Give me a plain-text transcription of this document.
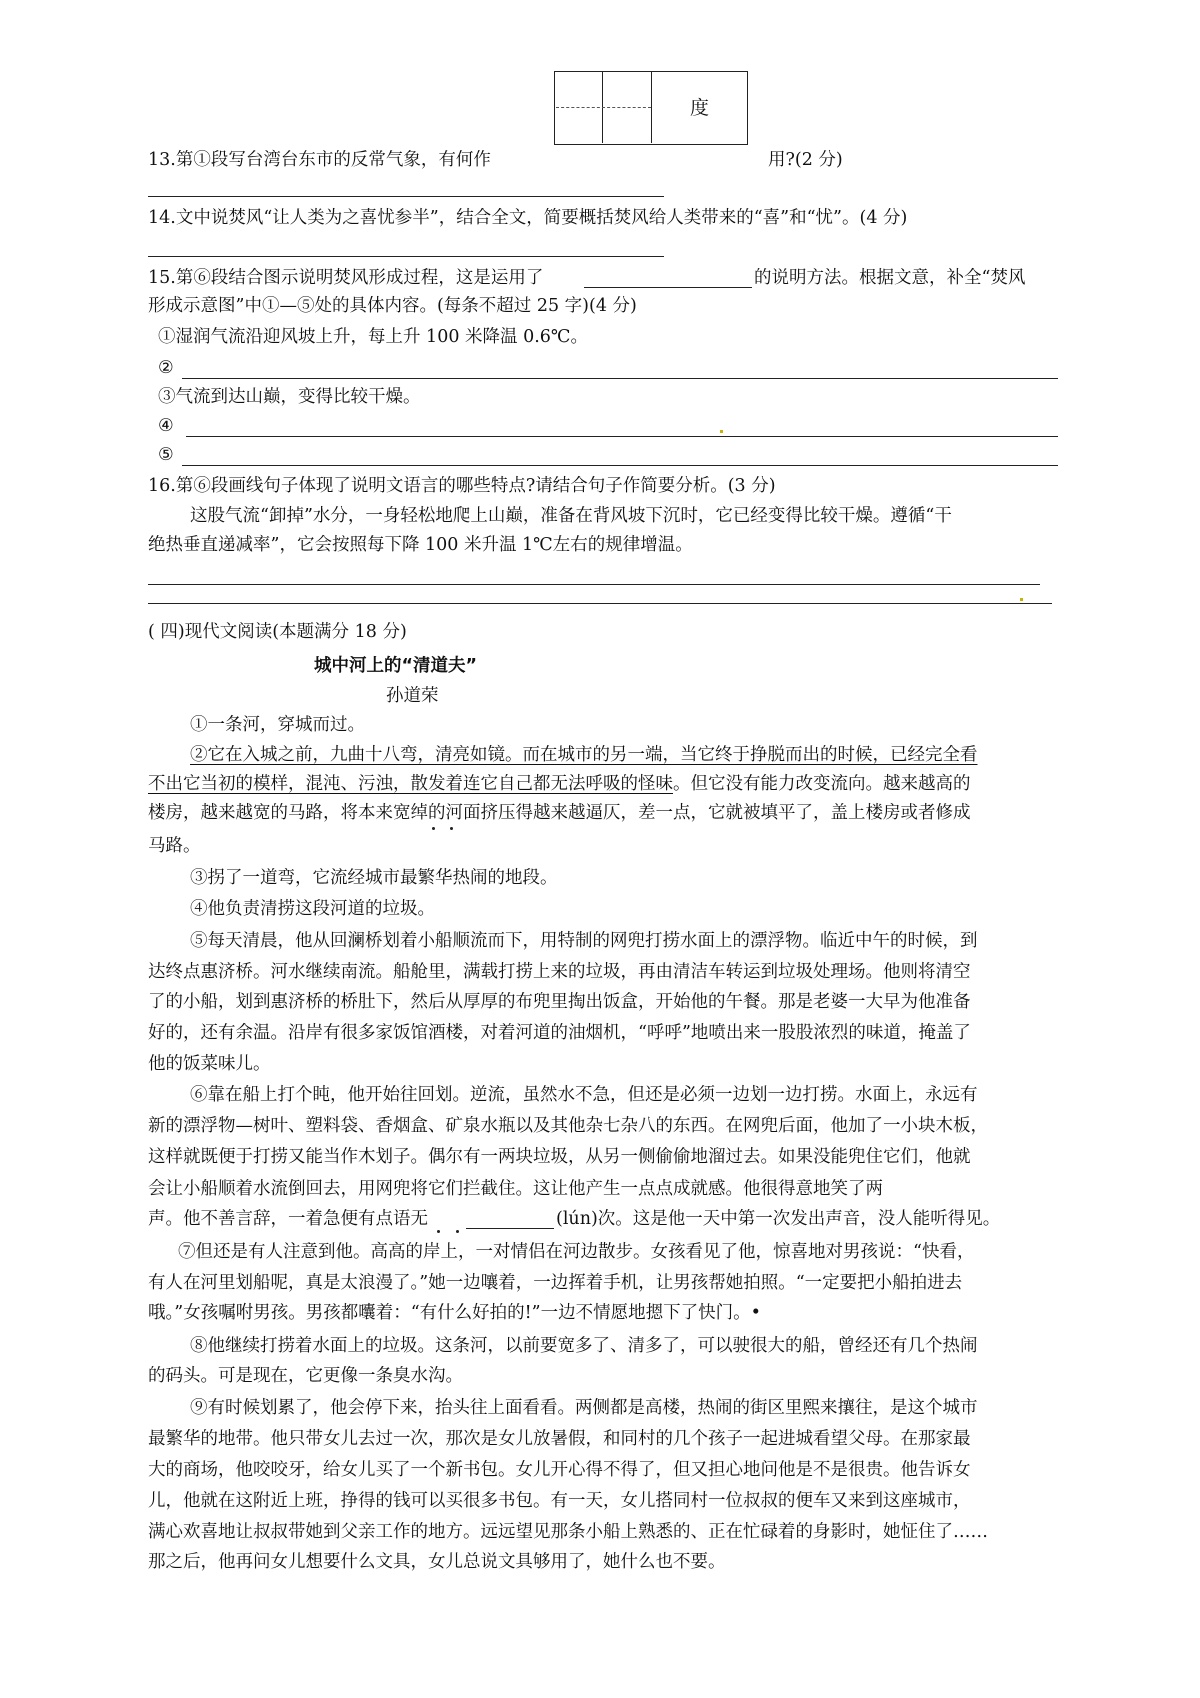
度
13.第①段写台湾台东市的反常气象，有何作	用?(2 分)
14.文中说焚风“让人类为之喜忧参半”，结合全文，简要概括焚风给人类带来的“喜”和“忧”。(4 分)
15.第⑥段结合图示说明焚风形成过程，这是运用了	的说明方法。根据文意，补全“焚风
形成示意图”中①—⑤处的具体内容。(每条不超过 25 字)(4 分)
①湿润气流沿迎风坡上升，每上升 100 米降温 0.6℃。
②
③气流到达山巅，变得比较干燥。
④
⑤
16.第⑥段画线句子体现了说明文语言的哪些特点?请结合句子作简要分析。(3 分)
这股气流“卸掉”水分，一身轻松地爬上山巅，准备在背风坡下沉时，它已经变得比较干燥。遵循“干
绝热垂直递减率”，它会按照每下降 100 米升温 1℃左右的规律增温。
( 四)现代文阅读(本题满分 18 分)
城中河上的“清道夫”
孙道荣
①一条河，穿城而过。
②它在入城之前，九曲十八弯，清亮如镜。而在城市的另一端，当它终于挣脱而出的时候，已经完全看
不出它当初的模样，混沌、污浊，散发着连它自己都无法呼吸的怪味。但它没有能力改变流向。越来越高的
楼房，越来越宽的马路，将本来宽绰的河面挤压得越来越逼仄，差一点，它就被填平了，盖上楼房或者修成
马路。
③拐了一道弯，它流经城市最繁华热闹的地段。
④他负责清捞这段河道的垃圾。
⑤每天清晨，他从回澜桥划着小船顺流而下，用特制的网兜打捞水面上的漂浮物。临近中午的时候，到
达终点惠济桥。河水继续南流。船舱里，满载打捞上来的垃圾，再由清洁车转运到垃圾处理场。他则将清空
了的小船，划到惠济桥的桥肚下，然后从厚厚的布兜里掏出饭盒，开始他的午餐。那是老婆一大早为他准备
好的，还有余温。沿岸有很多家饭馆酒楼，对着河道的油烟机，“呼呼”地喷出来一股股浓烈的味道，掩盖了
他的饭菜味儿。
⑥靠在船上打个盹，他开始往回划。逆流，虽然水不急，但还是必须一边划一边打捞。水面上，永远有
新的漂浮物—树叶、塑料袋、香烟盒、矿泉水瓶以及其他杂七杂八的东西。在网兜后面，他加了一小块木板，
这样就既便于打捞又能当作木划子。偶尔有一两块垃圾，从另一侧偷偷地溜过去。如果没能兜住它们，他就
会让小船顺着水流倒回去，用网兜将它们拦截住。这让他产生一点点成就感。他很得意地笑了两
声。他不善言辞，一着急便有点语无	(lún)次。这是他一天中第一次发出声音，没人能听得见。
⑦但还是有人注意到他。高高的岸上，一对情侣在河边散步。女孩看见了他，惊喜地对男孩说：“快看，
有人在河里划船呢，真是太浪漫了。”她一边嚷着，一边挥着手机，让男孩帮她拍照。“一定要把小船拍进去
哦。”女孩嘱咐男孩。男孩都囔着：“有什么好拍的!”一边不情愿地摁下了快门。•
⑧他继续打捞着水面上的垃圾。这条河，以前要宽多了、清多了，可以驶很大的船，曾经还有几个热闹
的码头。可是现在，它更像一条臭水沟。
⑨有时候划累了，他会停下来，抬头往上面看看。两侧都是高楼，热闹的街区里熙来攘往，是这个城市
最繁华的地带。他只带女儿去过一次，那次是女儿放暑假，和同村的几个孩子一起进城看望父母。在那家最
大的商场，他咬咬牙，给女儿买了一个新书包。女儿开心得不得了，但又担心地问他是不是很贵。他告诉女
儿，他就在这附近上班，挣得的钱可以买很多书包。有一天，女儿搭同村一位叔叔的便车又来到这座城市，
满心欢喜地让叔叔带她到父亲工作的地方。远远望见那条小船上熟悉的、正在忙碌着的身影时，她怔住了……
那之后，他再问女儿想要什么文具，女儿总说文具够用了，她什么也不要。
